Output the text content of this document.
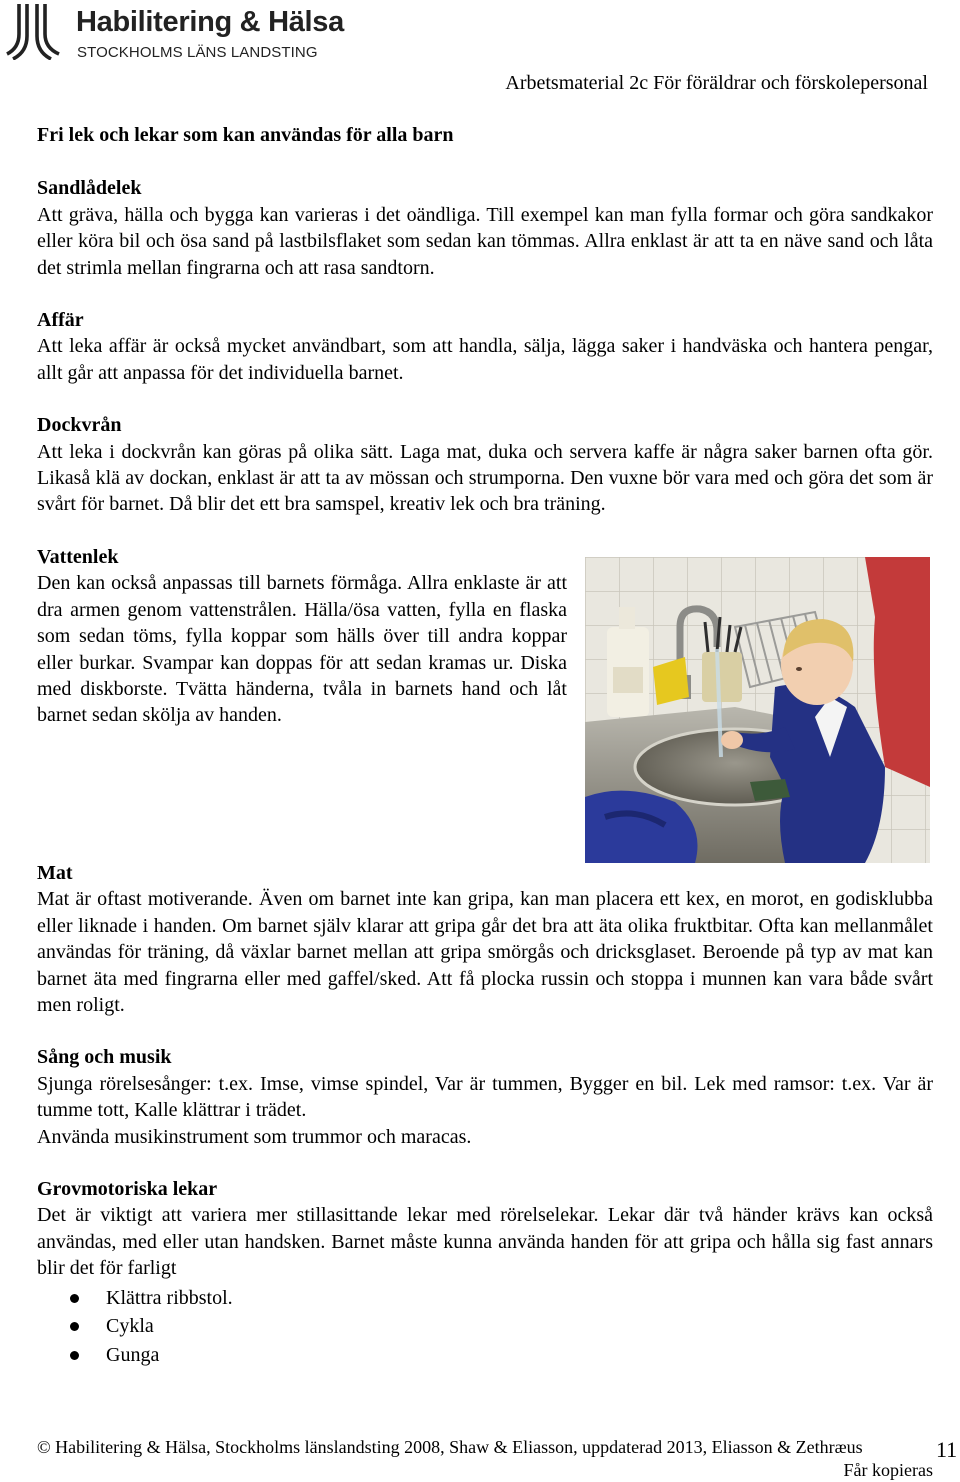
Habilitering & Hälsa
STOCKHOLMS LÄNS LANDSTING
Arbetsmaterial 2c För föräldrar och förskolepersonal

Fri lek och lekar som kan användas för alla barn

Sandlådelek

Att gräva, hälla och bygga kan varieras i det oändliga. Till exempel kan man fylla formar och göra sandkakor eller köra bil och ösa sand på lastbilsflaket som sedan kan tömmas. Allra enklast är att ta en näve sand och låta det strimla mellan fingrarna och att rasa sandtorn.

Affär

Att leka affär är också mycket användbart, som att handla, sälja, lägga saker i handväska och hantera pengar, allt går att anpassa för det individuella barnet.

Dockvrån

Att leka i dockvrån kan göras på olika sätt. Laga mat, duka och servera kaffe är några saker barnen ofta gör. Likaså klä av dockan, enklast är att ta av mössan och strumporna. Den vuxne bör vara med och göra det som är svårt för barnet. Då blir det ett bra samspel, kreativ lek och bra träning.

Vattenlek

Den kan också anpassas till barnets förmåga. Allra enklaste är att dra armen genom vattenstrålen. Hälla/ösa vatten, fylla en flaska som sedan töms, fylla koppar som hälls över till andra koppar eller burkar. Svampar kan doppas för att sedan kramas ur. Diska med diskborste. Tvätta händerna, tvåla in barnets hand och låt barnet sedan skölja av handen.

Mat

Mat är oftast motiverande. Även om barnet inte kan gripa, kan man placera ett kex, en morot, en godisklubba eller liknade i handen. Om barnet själv klarar att gripa går det bra att äta olika fruktbitar. Ofta kan mellanmålet användas för träning, då växlar barnet mellan att gripa smörgås och dricksglaset. Beroende på typ av mat kan barnet äta med fingrarna eller med gaffel/sked. Att få plocka russin och stoppa i munnen kan vara både svårt men roligt.

Sång och musik

Sjunga rörelsesånger: t.ex. Imse, vimse spindel, Var är tummen, Bygger en bil. Lek med ramsor: t.ex. Var är tumme tott, Kalle klättrar i trädet.

Använda musikinstrument som trummor och maracas.

Grovmotoriska lekar

Det är viktigt att variera mer stillasittande lekar med rörelselekar. Lekar där två händer krävs kan också användas, med eller utan handsken. Barnet måste kunna använda handen för att gripa och hålla sig fast annars blir det för farligt

Klättra ribbstol.
Cykla
Gunga
© Habilitering & Hälsa, Stockholms länslandsting 2008, Shaw & Eliasson, uppdaterad 2013, Eliasson & Zethræus
Får kopieras
11
